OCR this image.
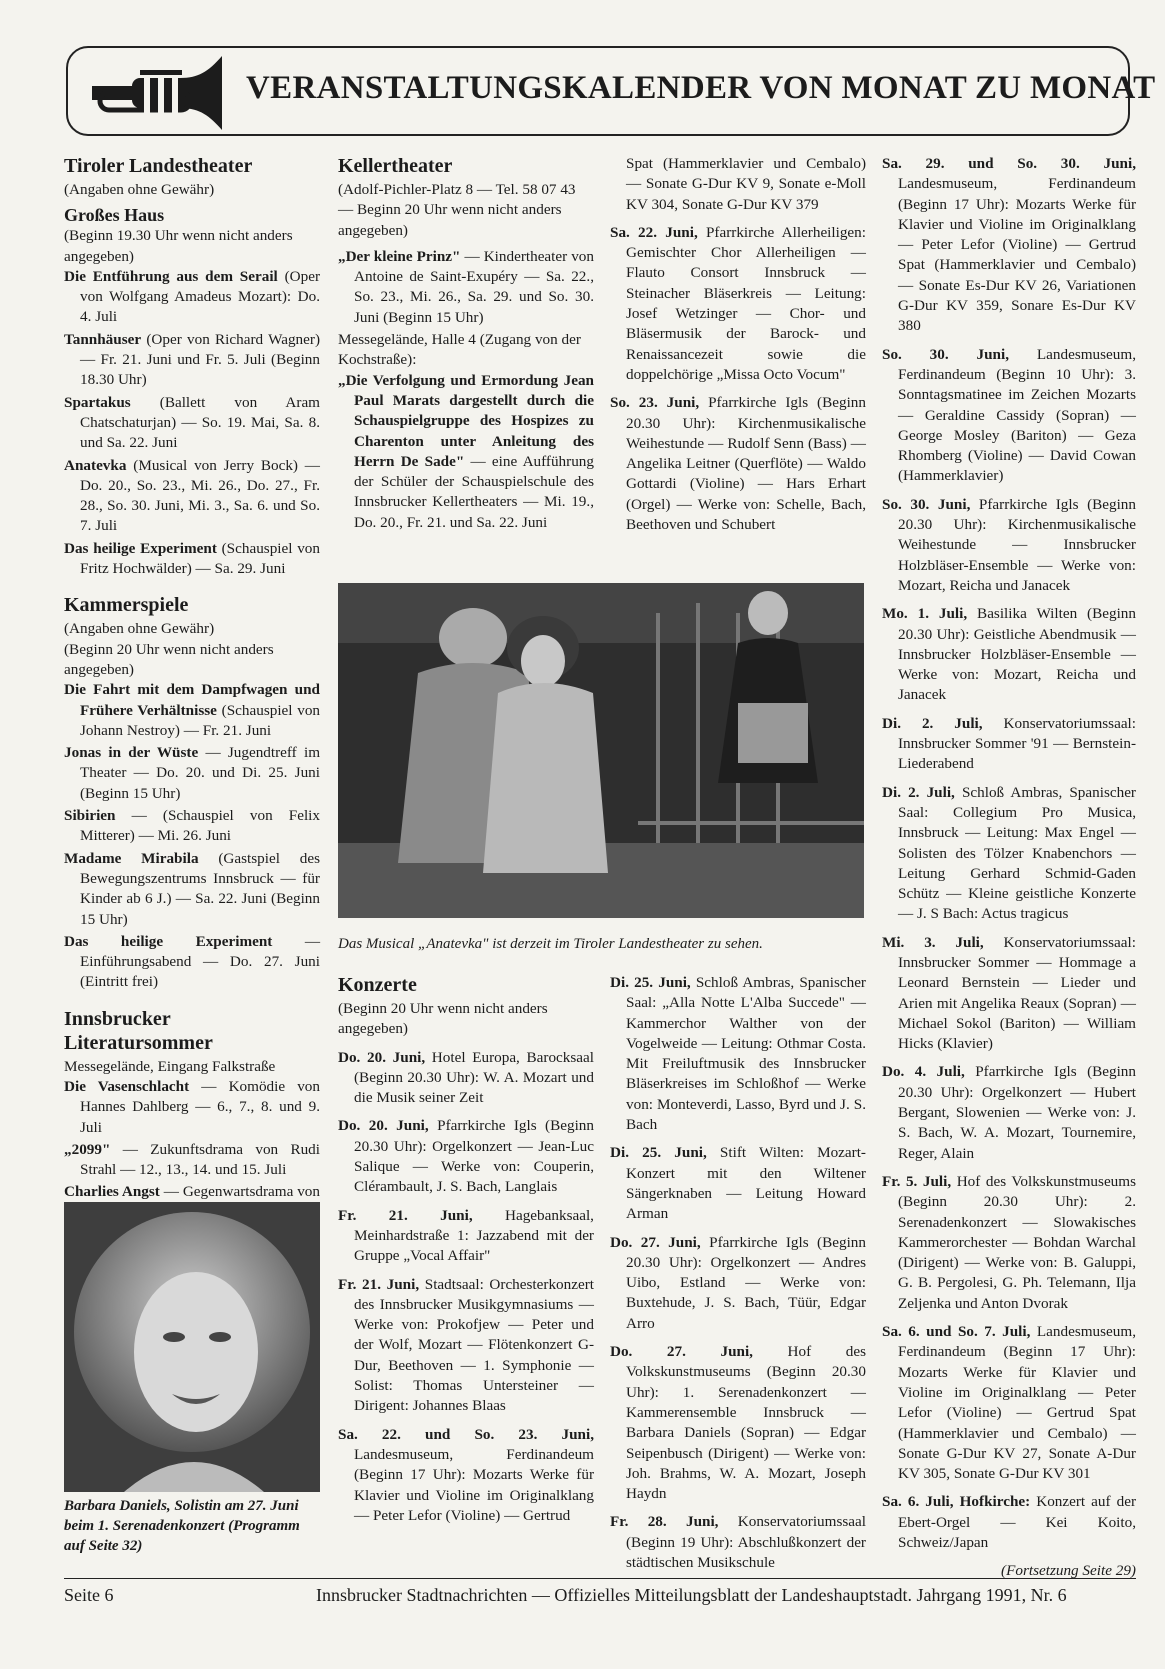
VERANSTALTUNGSKALENDER VON MONAT ZU MONAT
Tiroler Landestheater
(Angaben ohne Gewähr)
Großes Haus
(Beginn 19.30 Uhr wenn nicht anders angegeben)
Die Entführung aus dem Serail (Oper von Wolfgang Amadeus Mozart): Do. 4. Juli
Tannhäuser (Oper von Richard Wagner) — Fr. 21. Juni und Fr. 5. Juli (Beginn 18.30 Uhr)
Spartakus (Ballett von Aram Chatschaturjan) — So. 19. Mai, Sa. 8. und Sa. 22. Juni
Anatevka (Musical von Jerry Bock) — Do. 20., So. 23., Mi. 26., Do. 27., Fr. 28., So. 30. Juni, Mi. 3., Sa. 6. und So. 7. Juli
Das heilige Experiment (Schauspiel von Fritz Hochwälder) — Sa. 29. Juni
Kammerspiele
(Angaben ohne Gewähr)
(Beginn 20 Uhr wenn nicht anders angegeben)
Die Fahrt mit dem Dampfwagen und Frühere Verhältnisse (Schauspiel von Johann Nestroy) — Fr. 21. Juni
Jonas in der Wüste — Jugendtreff im Theater — Do. 20. und Di. 25. Juni (Beginn 15 Uhr)
Sibirien — (Schauspiel von Felix Mitterer) — Mi. 26. Juni
Madame Mirabila (Gastspiel des Bewegungszentrums Innsbruck — für Kinder ab 6 J.) — Sa. 22. Juni (Beginn 15 Uhr)
Das heilige Experiment — Einführungsabend — Do. 27. Juni (Eintritt frei)
Innsbrucker Literatursommer
Messegelände, Eingang Falkstraße
Die Vasenschlacht — Komödie von Hannes Dahlberg — 6., 7., 8. und 9. Juli
„2099" — Zukunftsdrama von Rudi Strahl — 12., 13., 14. und 15. Juli
Charlies Angst — Gegenwartsdrama von
Barbara Daniels, Solistin am 27. Juni beim 1. Serenadenkonzert (Programm auf Seite 32)
Kellertheater
(Adolf-Pichler-Platz 8 — Tel. 58 07 43 — Beginn 20 Uhr wenn nicht anders angegeben)
„Der kleine Prinz" — Kindertheater von Antoine de Saint-Exupéry — Sa. 22., So. 23., Mi. 26., Sa. 29. und So. 30. Juni (Beginn 15 Uhr)
Messegelände, Halle 4 (Zugang von der Kochstraße):
„Die Verfolgung und Ermordung Jean Paul Marats dargestellt durch die Schauspielgruppe des Hospizes zu Charenton unter Anleitung des Herrn De Sade" — eine Aufführung der Schüler der Schauspielschule des Innsbrucker Kellertheaters — Mi. 19., Do. 20., Fr. 21. und Sa. 22. Juni
Das Musical „Anatevka" ist derzeit im Tiroler Landestheater zu sehen.
Konzerte
(Beginn 20 Uhr wenn nicht anders angegeben)
Do. 20. Juni, Hotel Europa, Barocksaal (Beginn 20.30 Uhr): W. A. Mozart und die Musik seiner Zeit
Do. 20. Juni, Pfarrkirche Igls (Beginn 20.30 Uhr): Orgelkonzert — Jean-Luc Salique — Werke von: Couperin, Clérambault, J. S. Bach, Langlais
Fr. 21. Juni, Hagebanksaal, Meinhardstraße 1: Jazzabend mit der Gruppe „Vocal Affair"
Fr. 21. Juni, Stadtsaal: Orchesterkonzert des Innsbrucker Musikgymnasiums — Werke von: Prokofjew — Peter und der Wolf, Mozart — Flötenkonzert G-Dur, Beethoven — 1. Symphonie — Solist: Thomas Untersteiner — Dirigent: Johannes Blaas
Sa. 22. und So. 23. Juni, Landesmuseum, Ferdinandeum (Beginn 17 Uhr): Mozarts Werke für Klavier und Violine im Originalklang — Peter Lefor (Violine) — Gertrud
Spat (Hammerklavier und Cembalo) — Sonate G-Dur KV 9, Sonate e-Moll KV 304, Sonate G-Dur KV 379
Sa. 22. Juni, Pfarrkirche Allerheiligen: Gemischter Chor Allerheiligen — Flauto Consort Innsbruck — Steinacher Bläserkreis — Leitung: Josef Wetzinger — Chor- und Bläsermusik der Barock- und Renaissancezeit sowie die doppelchörige „Missa Octo Vocum"
So. 23. Juni, Pfarrkirche Igls (Beginn 20.30 Uhr): Kirchenmusikalische Weihestunde — Rudolf Senn (Bass) — Angelika Leitner (Querflöte) — Waldo Gottardi (Violine) — Hars Erhart (Orgel) — Werke von: Schelle, Bach, Beethoven und Schubert
Di. 25. Juni, Schloß Ambras, Spanischer Saal: „Alla Notte L'Alba Succede" — Kammerchor Walther von der Vogelweide — Leitung: Othmar Costa. Mit Freiluftmusik des Innsbrucker Bläserkreises im Schloßhof — Werke von: Monteverdi, Lasso, Byrd und J. S. Bach
Di. 25. Juni, Stift Wilten: Mozart-Konzert mit den Wiltener Sängerknaben — Leitung Howard Arman
Do. 27. Juni, Pfarrkirche Igls (Beginn 20.30 Uhr): Orgelkonzert — Andres Uibo, Estland — Werke von: Buxtehude, J. S. Bach, Tüür, Edgar Arro
Do. 27. Juni, Hof des Volkskunstmuseums (Beginn 20.30 Uhr): 1. Serenadenkonzert — Kammerensemble Innsbruck — Barbara Daniels (Sopran) — Edgar Seipenbusch (Dirigent) — Werke von: Joh. Brahms, W. A. Mozart, Joseph Haydn
Fr. 28. Juni, Konservatoriumssaal (Beginn 19 Uhr): Abschlußkonzert der städtischen Musikschule
Sa. 29. und So. 30. Juni, Landesmuseum, Ferdinandeum (Beginn 17 Uhr): Mozarts Werke für Klavier und Violine im Originalklang — Peter Lefor (Violine) — Gertrud Spat (Hammerklavier und Cembalo) — Sonate Es-Dur KV 26, Variationen G-Dur KV 359, Sonare Es-Dur KV 380
So. 30. Juni, Landesmuseum, Ferdinandeum (Beginn 10 Uhr): 3. Sonntagsmatinee im Zeichen Mozarts — Geraldine Cassidy (Sopran) — George Mosley (Bariton) — Geza Rhomberg (Violine) — David Cowan (Hammerklavier)
So. 30. Juni, Pfarrkirche Igls (Beginn 20.30 Uhr): Kirchenmusikalische Weihestunde — Innsbrucker Holzbläser-Ensemble — Werke von: Mozart, Reicha und Janacek
Mo. 1. Juli, Basilika Wilten (Beginn 20.30 Uhr): Geistliche Abendmusik — Innsbrucker Holzbläser-Ensemble — Werke von: Mozart, Reicha und Janacek
Di. 2. Juli, Konservatoriumssaal: Innsbrucker Sommer '91 — Bernstein-Liederabend
Di. 2. Juli, Schloß Ambras, Spanischer Saal: Collegium Pro Musica, Innsbruck — Leitung: Max Engel — Solisten des Tölzer Knabenchors — Leitung Gerhard Schmid-Gaden Schütz — Kleine geistliche Konzerte — J. S Bach: Actus tragicus
Mi. 3. Juli, Konservatoriumssaal: Innsbrucker Sommer — Hommage a Leonard Bernstein — Lieder und Arien mit Angelika Reaux (Sopran) — Michael Sokol (Bariton) — William Hicks (Klavier)
Do. 4. Juli, Pfarrkirche Igls (Beginn 20.30 Uhr): Orgelkonzert — Hubert Bergant, Slowenien — Werke von: J. S. Bach, W. A. Mozart, Tournemire, Reger, Alain
Fr. 5. Juli, Hof des Volkskunstmuseums (Beginn 20.30 Uhr): 2. Serenadenkonzert — Slowakisches Kammerorchester — Bohdan Warchal (Dirigent) — Werke von: B. Galuppi, G. B. Pergolesi, G. Ph. Telemann, Ilja Zeljenka und Anton Dvorak
Sa. 6. und So. 7. Juli, Landesmuseum, Ferdinandeum (Beginn 17 Uhr): Mozarts Werke für Klavier und Violine im Originalklang — Peter Lefor (Violine) — Gertrud Spat (Hammerklavier und Cembalo) — Sonate G-Dur KV 27, Sonate A-Dur KV 305, Sonate G-Dur KV 301
Sa. 6. Juli, Hofkirche: Konzert auf der Ebert-Orgel — Kei Koito, Schweiz/Japan
(Fortsetzung Seite 29)
Seite 6	Innsbrucker Stadtnachrichten — Offizielles Mitteilungsblatt der Landeshauptstadt. Jahrgang 1991, Nr. 6
